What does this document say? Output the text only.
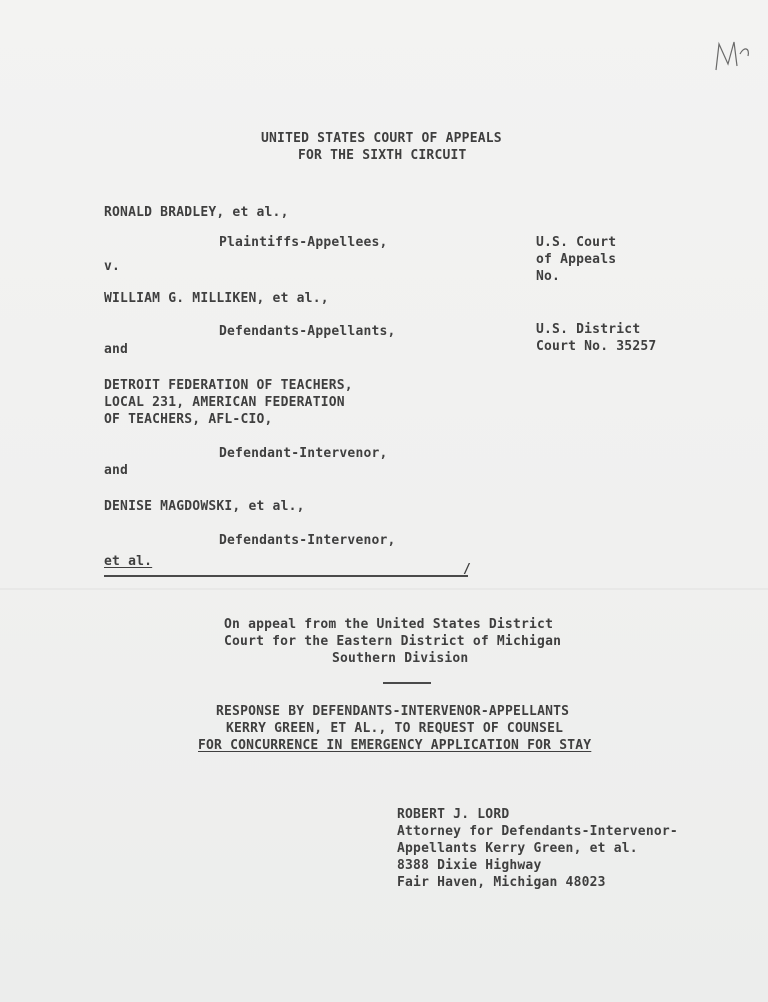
UNITED STATES COURT OF APPEALS
FOR THE SIXTH CIRCUIT
RONALD BRADLEY, et al.,
Plaintiffs-Appellees,
v.
WILLIAM G. MILLIKEN, et al.,
Defendants-Appellants,
and
DETROIT FEDERATION OF TEACHERS,
LOCAL 231, AMERICAN FEDERATION
OF TEACHERS, AFL-CIO,
Defendant-Intervenor,
and
DENISE MAGDOWSKI, et al.,
Defendants-Intervenor,
et al.
/
U.S. Court
of Appeals
No.
U.S. District
Court No. 35257
On appeal from the United States District
Court for the Eastern District of Michigan
Southern Division
RESPONSE BY DEFENDANTS-INTERVENOR-APPELLANTS
KERRY GREEN, ET AL., TO REQUEST OF COUNSEL
FOR CONCURRENCE IN EMERGENCY APPLICATION FOR STAY
ROBERT J. LORD
Attorney for Defendants-Intervenor-
Appellants Kerry Green, et al.
8388 Dixie Highway
Fair Haven, Michigan 48023
